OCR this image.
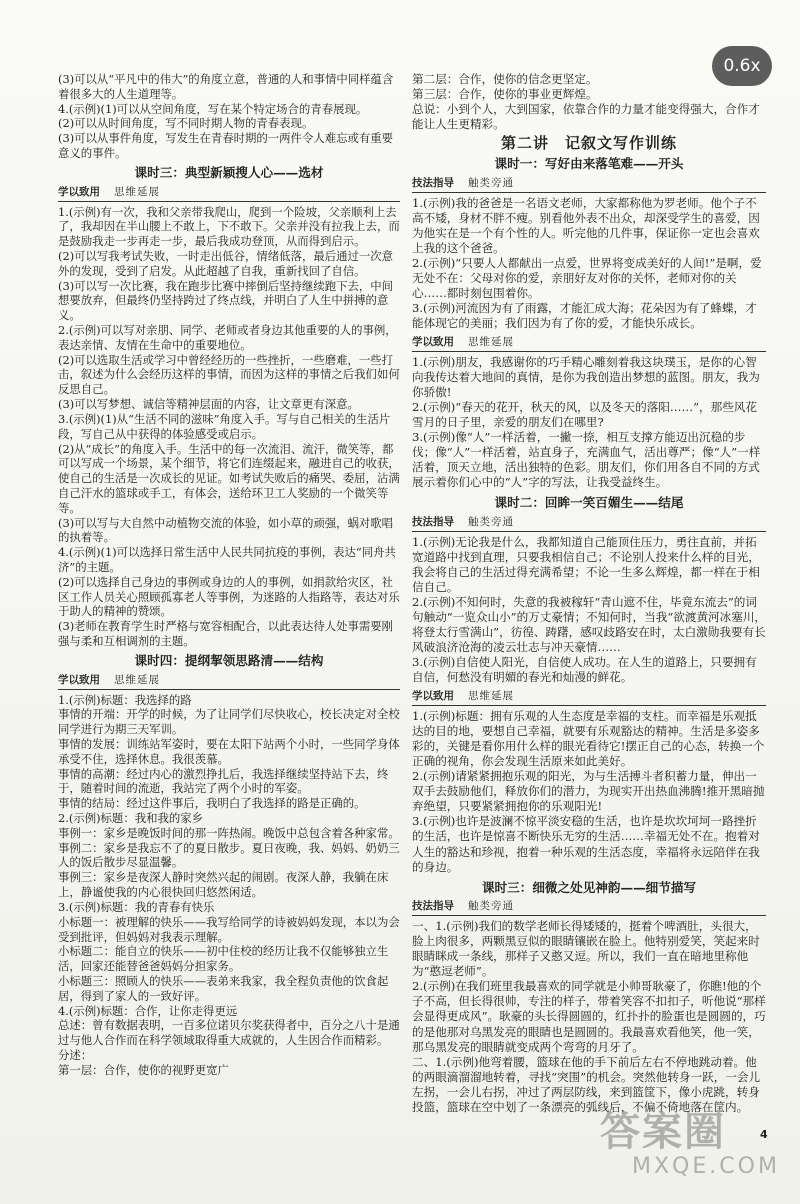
(3)可以从“平凡中的伟大”的角度立意，普通的人和事情中同样蕴含着很多大的人生道理等。

4.(示例)(1)可以从空间角度，写在某个特定场合的青春展现。

(2)可以从时间角度，写不同时期人物的青春表现。

(3)可以从事件角度，写发生在青春时期的一两件令人难忘或有重要意义的事件。

课时三：典型新颖搜人心——选材
学以致用 思维延展

1.(示例)有一次，我和父亲带我爬山，爬到一个险坡，父亲顺利上去了，我却因在半山腰上不敢上，下不敢下。父亲并没有拉我上去，而是鼓励我走一步再走一步，最后我成功登顶，从而得到启示。

(2)可以写我考试失败，一时走出低谷，情绪低落，最后通过一次意外的发现，受到了启发。从此超越了自我，重新找回了自信。

(3)可以写一次比赛，我在跑步比赛中摔倒后坚持继续跑下去，中间想要放弃，但最终仍坚持跨过了终点线，并明白了人生中拼搏的意义。

2.(示例)可以写对亲朋、同学、老师或者身边其他重要的人的事例，表达亲情、友情在生命中的重要地位。

(2)可以选取生活或学习中曾经经历的一些挫折，一些磨难，一些打击，叙述为什么会经历这样的事情，而因为这样的事情之后我们如何反思自己。

(3)可以写梦想、诚信等精神层面的内容，让文章更有深意。

3.(示例)(1)从“生活不同的滋味”角度入手。写与自己相关的生活片段，写自己从中获得的体验感受或启示。

(2)从“成长”的角度入手。生活中的每一次流泪、流汗，微笑等，都可以写成一个场景，某个细节，将它们连缀起来，融进自己的收获，使自己的生活是一次成长的见证。如考试失败后的痛哭、委屈，沾满自己汗水的篮球或手工，有体会，送给环卫工人奖励的一个微笑等等。

(3)可以写与大自然中动植物交流的体验，如小草的顽强，蜗对歌唱的执着等。

4.(示例)(1)可以选择日常生活中人民共同抗疫的事例，表达“同舟共济”的主题。

(2)可以选择自己身边的事例或身边的人的事例，如捐款给灾区，社区工作人员关心照顾孤寡老人等事例，为迷路的人指路等，表达对乐于助人的精神的赞颂。

(3)老师在教育学生时严格与宽容相配合，以此表达待人处事需要刚强与柔和互相调剂的主题。

课时四：提纲挈领思路清——结构
学以致用 思维延展

1.(示例)标题：我选择的路

事情的开端：开学的时候，为了让同学们尽快收心，校长决定对全校同学进行为期三天军训。

事情的发展：训练站军姿时，要在太阳下站两个小时，一些同学身体承受不住，选择休息。我很羡慕。

事情的高潮：经过内心的激烈挣扎后，我选择继续坚持站下去，终于，随着时间的流逝，我站完了两个小时的军姿。

事情的结局：经过这件事后，我明白了我选择的路是正确的。

2.(示例)标题：我和我的家乡

事例一：家乡是晚饭时间的那一阵热闹。晚饭中总包含着各种家常。

事例二：家乡是我忘不了的夏日散步。夏日夜晚，我、妈妈、奶奶三人的饭后散步尽显温馨。

事例三：家乡是夜深人静时突然兴起的闹剧。夜深人静，我躺在床上，静谧使我的内心很快回归悠然闲适。

3.(示例)标题：我的青春有快乐

小标题一：被理解的快乐——我写给同学的诗被妈妈发现，本以为会受到批评，但妈妈对我表示理解。

小标题二：能自立的快乐——初中住校的经历让我不仅能够独立生活，回家还能替爸爸妈妈分担家务。

小标题三：照顾人的快乐——表弟来我家，我全程负责他的饮食起居，得到了家人的一致好评。

4.(示例)标题：合作，让你走得更远

总述：曾有数据表明，一百多位诺贝尔奖获得者中，百分之八十是通过与他人合作而在科学领域取得重大成就的，人生因合作而精彩。

分述：

第一层：合作，使你的视野更宽广

第二层：合作，使你的信念更坚定。

第三层：合作，使你的事业更辉煌。

总说：小到个人，大到国家，依靠合作的力量才能变得强大，合作才能让人生更精彩。

第二讲　记叙文写作训练
课时一：写好由来落笔难——开头
技法指导 触类旁通

1.(示例)我的爸爸是一名语文老师，大家都称他为罗老师。他个子不高不矮，身材不胖不瘦。别看他外表不出众，却深受学生的喜爱，因为他实在是一个有个性的人。听完他的几件事，保证你一定也会喜欢上我的这个爸爸。

2.(示例)“只要人人都献出一点爱，世界将变成美好的人间!”是啊，爱无处不在：父母对你的爱，亲朋好友对你的关怀，老师对你的关心……都时刻包围着你。

3.(示例)河流因为有了雨露，才能汇成大海；花朵因为有了蜂蝶，才能体现它的美丽；我们因为有了你的爱，才能快乐成长。

学以致用 思维延展

1.(示例)朋友，我感谢你的巧手精心雕刻着我这块璞玉，是你的心智向我传达着大地间的真情，是你为我创造出梦想的蓝图。朋友，我为你骄傲!

2.(示例)“春天的花开，秋天的风，以及冬天的落阳……”，那些风花雪月的日子里，亲爱的朋友们在哪里?

3.(示例)像“人”一样活着，一撇一捺，相互支撑方能迈出沉稳的步伐；像“人”一样活着，站直身子，充满血气，活出尊严；像“人”一样活着，顶天立地，活出独特的色彩。朋友们，你们用各自不同的方式展示着你们心中的“人”字的写法，让我受益终生。

课时二：回眸一笑百媚生——结尾
技法指导 触类旁通

1.(示例)无论我是什么，我都知道自己能顶住压力，勇往直前，并拓宽道路中找到直理，只要我相信自己；不论别人投来什么样的目光，我会将自己的生活过得充满希望；不论一生多么辉煌，都一样在于相信自己。

2.(示例)不知何时，失意的我被稼轩“青山遮不住，毕竟东流去”的词句触动“一览众山小”的万丈豪情；不知何时，当我“欲渡黄河冰塞川，将登太行雪满山”，彷徨、踌躇，感叹歧路安在时，太白激勋我要有长风破浪济沧海的凌云壮志与冲天豪情……

3.(示例)自信使人阳光，自信使人成功。在人生的道路上，只要拥有自信，何愁没有明媚的春光和灿漫的鲜花。

学以致用 思维延展

1.(示例)标题：拥有乐观的人生态度是幸福的支柱。而幸福是乐观抵达的目的地，要想自己幸福，就要有乐观豁达的精神。生活是多姿多彩的，关键是看你用什么样的眼光看待它!摆正自己的心态，转换一个正确的视角，你会发现生活原来如此美好。

2.(示例)请紧紧拥抱乐观的阳光，为与生活搏斗者积蓄力量，伸出一双手去鼓励他们，释放你们的潜力，为现实开出热血沸腾!推开黑暗抛弃绝望，只要紧紧拥抱你的乐观阳光!

3.(示例)也许是波澜不惊平淡安稳的生活，也许是坎坎坷坷一路挫折的生活，也许是惊喜不断快乐无穷的生活……幸福无处不在。抱着对人生的豁达和珍视，抱着一种乐观的生活态度，幸福将永远陪伴在我的身边。

课时三：细微之处见神韵——细节描写
技法指导 触类旁通

一、1.(示例)我们的数学老师长得矮矮的，挺着个啤酒肚，头很大，脸上肉很多，两颗黑豆似的眼睛镶嵌在脸上。他特别爱笑，笑起来时眼睛眯成一条线，那样子又憨又逗。所以，我们一直在暗地里称他为“憨逗老师”。

2.(示例)在我们班里我最喜欢的同学就是小帅哥耿豪了，你瞧!他的个子不高，但长得很帅，专注的样子，带着笑容不扣扣子，听他说“那样会显得更成风”。耿豪的头长得圆圆的，红扑扑的脸蛋也是圆圆的，巧的是他那对乌黑发亮的眼睛也是圆圆的。我最喜欢看他笑，他一笑，那乌黑发亮的眼睛就变成两个弯弯的月牙了。

二、1.(示例)他弯着腰，篮球在他的手下前后左右不停地跳动着。他的两眼滴溜溜地转着，寻找“突围”的机会。突然他转身一跃，一会儿左拐，一会儿右拐，冲过了两层防线，来到篮筐下，像小虎跳，转身投篮，篮球在空中划了一条漂亮的弧线后，不偏不倚地落在筐内。

0.6x
4
答案圈
MXQE.COM
